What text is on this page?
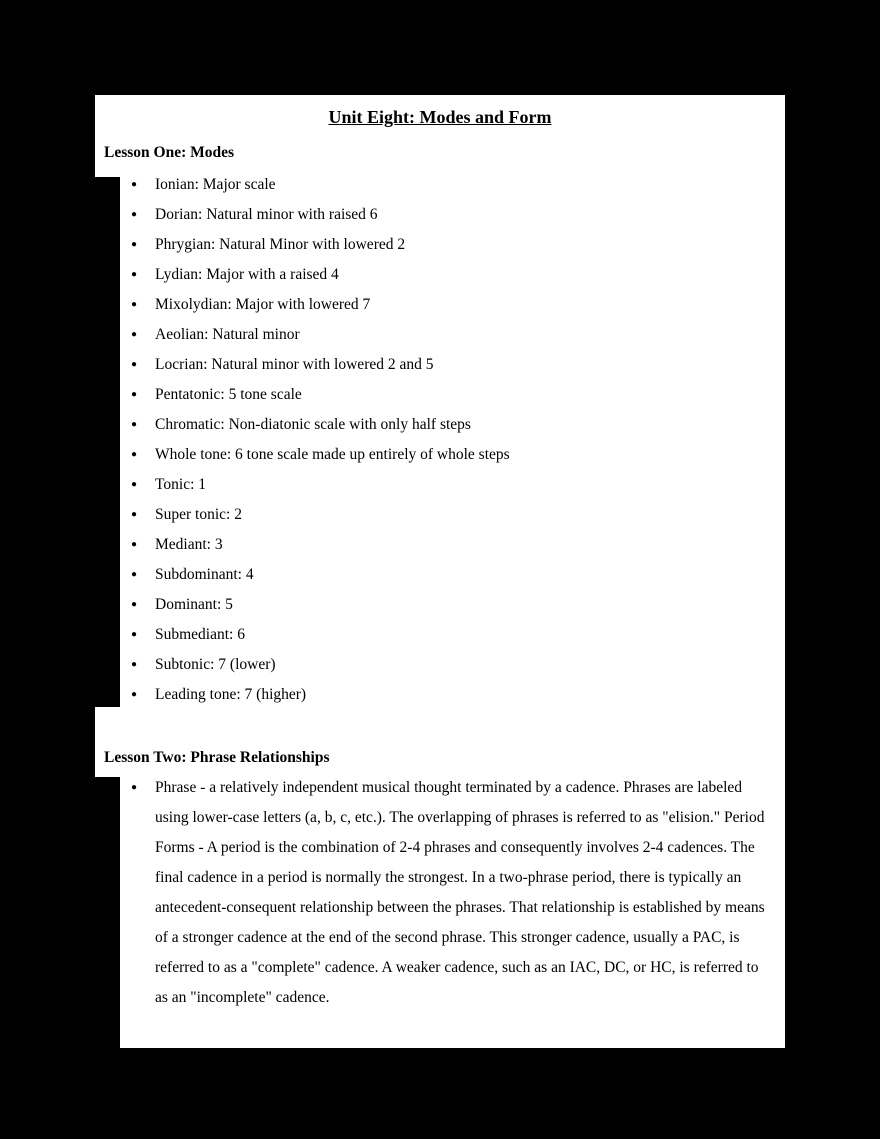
Unit Eight: Modes and Form
Lesson One: Modes
●	Ionian: Major scale
●	Dorian: Natural minor with raised 6
●	Phrygian: Natural Minor with lowered 2
●	Lydian: Major with a raised 4
●	Mixolydian: Major with lowered 7
●	Aeolian: Natural minor
●	Locrian: Natural minor with lowered 2 and 5
●	Pentatonic: 5 tone scale
●	Chromatic: Non-diatonic scale with only half steps
●	Whole tone: 6 tone scale made up entirely of whole steps
●	Tonic: 1
●	Super tonic: 2
●	Mediant: 3
●	Subdominant: 4
●	Dominant: 5
●	Submediant: 6
●	Subtonic: 7 (lower)
●	Leading tone: 7 (higher)
Lesson Two: Phrase Relationships
●	Phrase - a relatively independent musical thought terminated by a cadence. Phrases are labeled using lower-case letters (a, b, c, etc.). The overlapping of phrases is referred to as "elision." Period Forms - A period is the combination of 2-4 phrases and consequently involves 2-4 cadences. The final cadence in a period is normally the strongest. In a two-phrase period, there is typically an antecedent-consequent relationship between the phrases. That relationship is established by means of a stronger cadence at the end of the second phrase. This stronger cadence, usually a PAC, is referred to as a "complete" cadence. A weaker cadence, such as an IAC, DC, or HC, is referred to as an "incomplete" cadence.
